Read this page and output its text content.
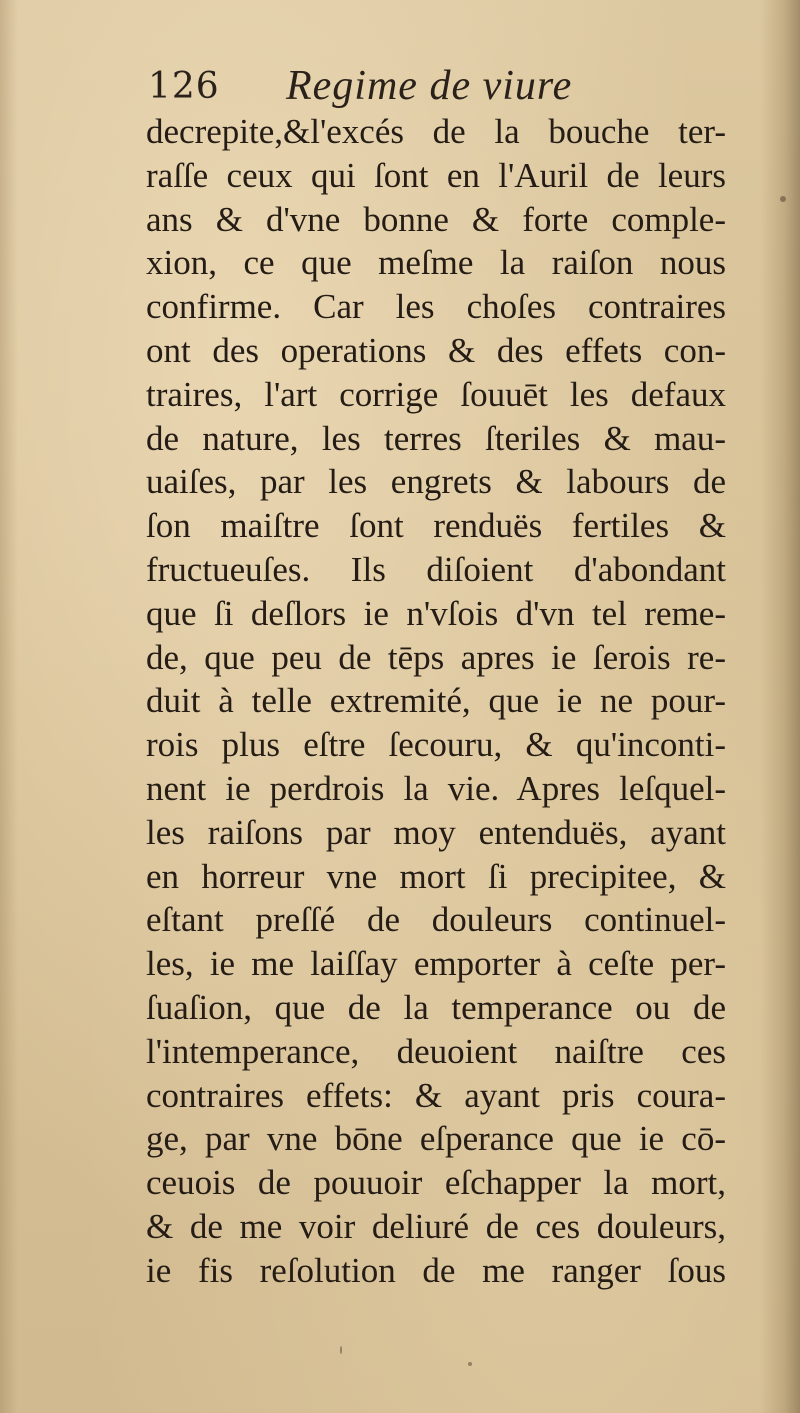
126 Regime de viure
decrepite,&l'excés de la bouche ter-
raſſe ceux qui ſont en l'Auril de leurs
ans & d'vne bonne & forte comple-
xion, ce que meſme la raiſon nous
confirme. Car les choſes contraires
ont des operations & des effets con-
traires, l'art corrige ſouuēt les defaux
de nature, les terres ſteriles & mau-
uaiſes, par les engrets & labours de
ſon maiſtre ſont renduës fertiles &
fructueuſes. Ils diſoient d'abondant
que ſi deſlors ie n'vſois d'vn tel reme-
de, que peu de tēps apres ie ſerois re-
duit à telle extremité, que ie ne pour-
rois plus eſtre ſecouru, & qu'inconti-
nent ie perdrois la vie. Apres leſquel-
les raiſons par moy entenduës, ayant
en horreur vne mort ſi precipitee, &
eſtant preſſé de douleurs continuel-
les, ie me laiſſay emporter à ceſte per-
ſuaſion, que de la temperance ou de
l'intemperance, deuoient naiſtre ces
contraires effets: & ayant pris coura-
ge, par vne bōne eſperance que ie cō-
ceuois de pouuoir eſchapper la mort,
& de me voir deliuré de ces douleurs,
ie fis reſolution de me ranger ſous
